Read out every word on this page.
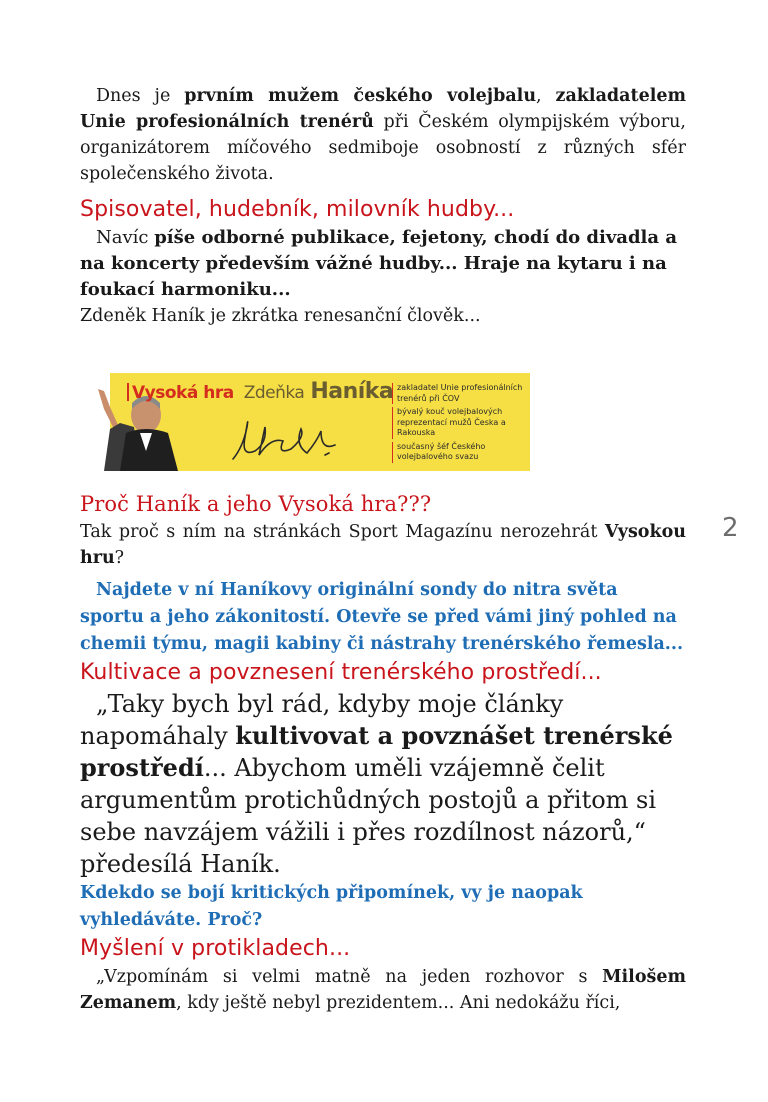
Dnes je prvním mužem českého volejbalu, zakladatelem Unie profesionálních trenérů při Českém olympijském výboru, organizátorem míčového sedmiboje osobností z různých sfér společenského života.

Spisovatel, hudebník, milovník hudby...

Navíc píše odborné publikace, fejetony, chodí do divadla a na koncerty především vážné hudby... Hraje na kytaru i na foukací harmoniku...

Zdeněk Haník je zkrátka renesanční člověk...

Vysoká hra Zdeňka Haníka zakladatel Unie profesionálních trenérů při ČOV
bývalý kouč volejbalových reprezentací mužů Česka a Rakouska
současný šéf Českého volejbalového svazu

Proč Haník a jeho Vysoká hra???

Tak proč s ním na stránkách Sport Magazínu nerozehrát Vysokou hru?

Najdete v ní Haníkovy originální sondy do nitra světa sportu a jeho zákonitostí. Otevře se před vámi jiný pohled na chemii týmu, magii kabiny či nástrahy trenérského řemesla...

Kultivace a povznesení trenérského prostředí...

„Taky bych byl rád, kdyby moje články napomáhaly kultivovat a povznášet trenérské prostředí... Abychom uměli vzájemně čelit argumentům protichůdných postojů a přitom si sebe navzájem vážili i přes rozdílnost názorů,“ předesílá Haník.

Kdekdo se bojí kritických připomínek, vy je naopak vyhledáváte. Proč?

Myšlení v protikladech...

„Vzpomínám si velmi matně na jeden rozhovor s Milošem Zemanem, kdy ještě nebyl prezidentem... Ani nedokážu říci,

2
